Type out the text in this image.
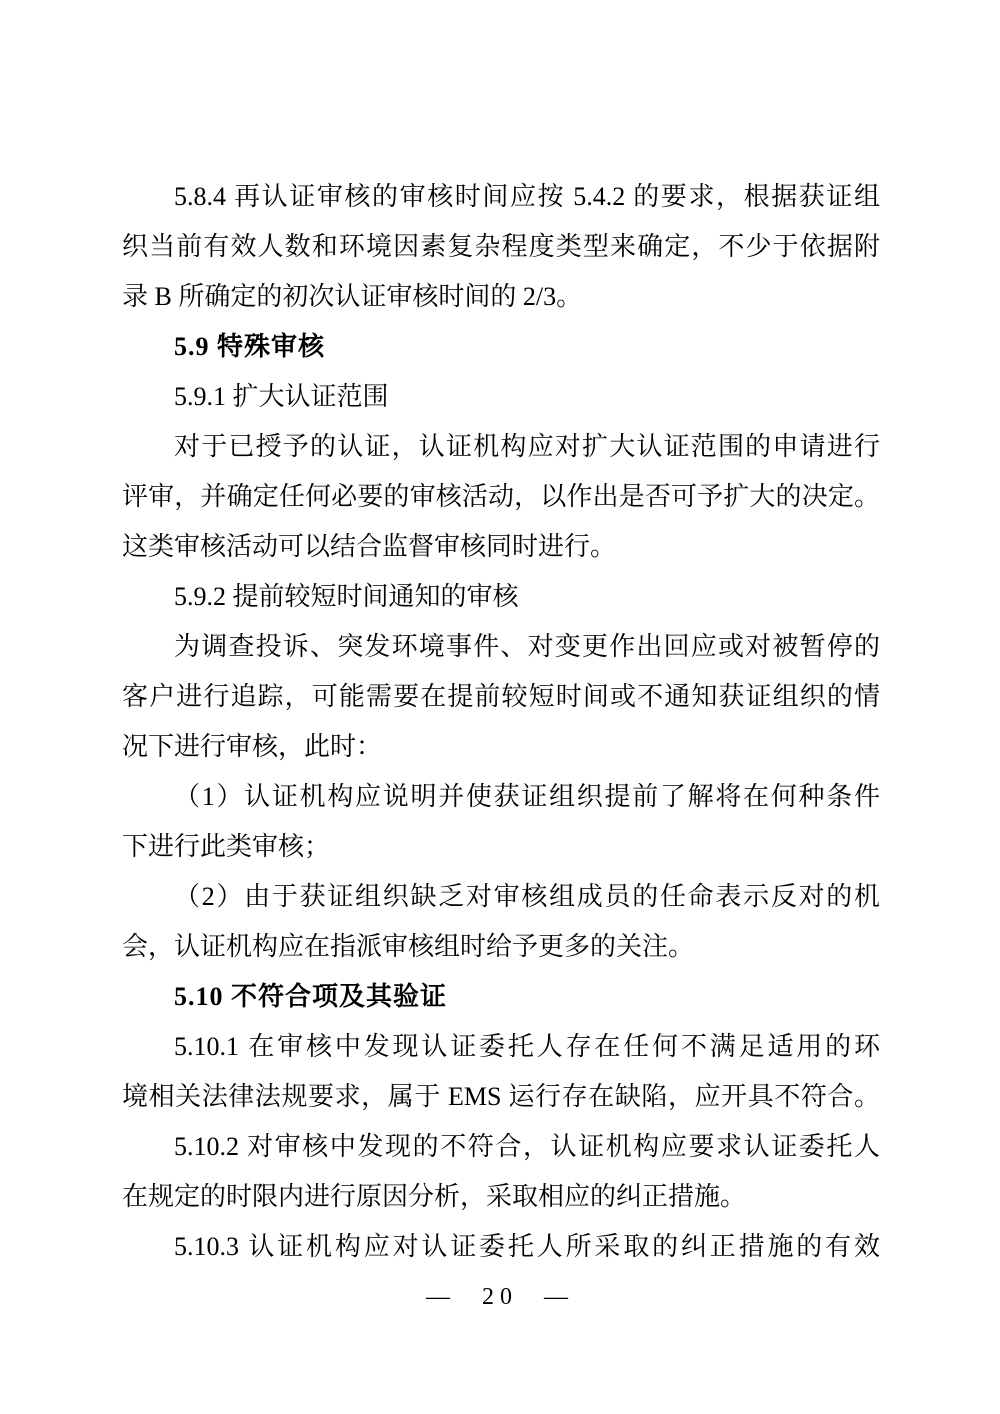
5.8.4 再认证审核的审核时间应按 5.4.2 的要求，根据获证组
织当前有效人数和环境因素复杂程度类型来确定，不少于依据附
录 B 所确定的初次认证审核时间的 2/3。
5.9 特殊审核
5.9.1 扩大认证范围
对于已授予的认证，认证机构应对扩大认证范围的申请进行
评审，并确定任何必要的审核活动，以作出是否可予扩大的决定。
这类审核活动可以结合监督审核同时进行。
5.9.2 提前较短时间通知的审核
为调查投诉、突发环境事件、对变更作出回应或对被暂停的
客户进行追踪，可能需要在提前较短时间或不通知获证组织的情
况下进行审核，此时：
（1）认证机构应说明并使获证组织提前了解将在何种条件
下进行此类审核；
（2）由于获证组织缺乏对审核组成员的任命表示反对的机
会，认证机构应在指派审核组时给予更多的关注。
5.10 不符合项及其验证
5.10.1 在审核中发现认证委托人存在任何不满足适用的环
境相关法律法规要求，属于 EMS 运行存在缺陷，应开具不符合。
5.10.2 对审核中发现的不符合，认证机构应要求认证委托人
在规定的时限内进行原因分析，采取相应的纠正措施。
5.10.3 认证机构应对认证委托人所采取的纠正措施的有效
— 20 —
